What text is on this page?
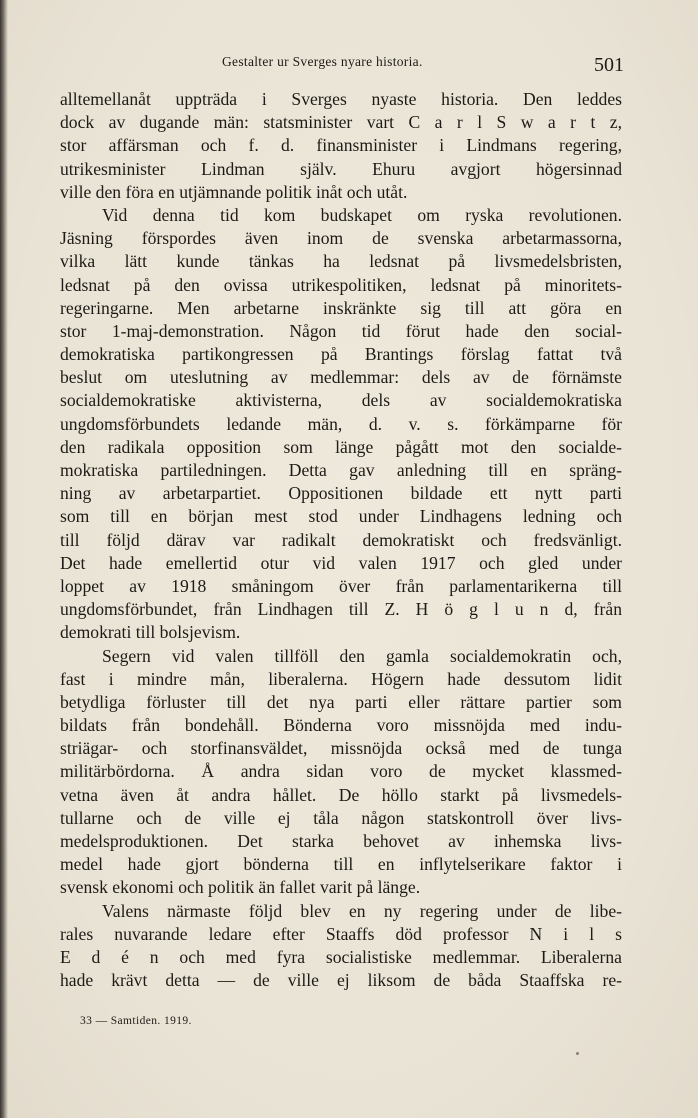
Gestalter ur Sverges nyare historia.	501
alltemellanåt uppträda i Sverges nyaste historia. Den leddes
dock av dugande män: statsminister vart C a r l S w a r t z,
stor affärsman och f. d. finansminister i Lindmans regering,
utrikesminister Lindman själv. Ehuru avgjort högersinnad
ville den föra en utjämnande politik inåt och utåt.
Vid denna tid kom budskapet om ryska revolutionen.
Jäsning förspordes även inom de svenska arbetarmassorna,
vilka lätt kunde tänkas ha ledsnat på livsmedelsbristen,
ledsnat på den ovissa utrikespolitiken, ledsnat på minoritets-
regeringarne. Men arbetarne inskränkte sig till att göra en
stor 1-maj-demonstration. Någon tid förut hade den social-
demokratiska partikongressen på Brantings förslag fattat två
beslut om uteslutning av medlemmar: dels av de förnämste
socialdemokratiske aktivisterna, dels av socialdemokratiska
ungdomsförbundets ledande män, d. v. s. förkämparne för
den radikala opposition som länge pågått mot den socialde-
mokratiska partiledningen. Detta gav anledning till en spräng-
ning av arbetarpartiet. Oppositionen bildade ett nytt parti
som till en början mest stod under Lindhagens ledning och
till följd därav var radikalt demokratiskt och fredsvänligt.
Det hade emellertid otur vid valen 1917 och gled under
loppet av 1918 småningom över från parlamentarikerna till
ungdomsförbundet, från Lindhagen till Z. H ö g l u n d, från
demokrati till bolsjevism.
Segern vid valen tillföll den gamla socialdemokratin och,
fast i mindre mån, liberalerna. Högern hade dessutom lidit
betydliga förluster till det nya parti eller rättare partier som
bildats från bondehåll. Bönderna voro missnöjda med indu-
striägar- och storfinansväldet, missnöjda också med de tunga
militärbördorna. Å andra sidan voro de mycket klassmed-
vetna även åt andra hållet. De höllo starkt på livsmedels-
tullarne och de ville ej tåla någon statskontroll över livs-
medelsproduktionen. Det starka behovet av inhemska livs-
medel hade gjort bönderna till en inflytelserikare faktor i
svensk ekonomi och politik än fallet varit på länge.
Valens närmaste följd blev en ny regering under de libe-
rales nuvarande ledare efter Staaffs död professor N i l s
E d é n och med fyra socialistiske medlemmar. Liberalerna
hade krävt detta — de ville ej liksom de båda Staaffska re-
33 — Samtiden. 1919.
